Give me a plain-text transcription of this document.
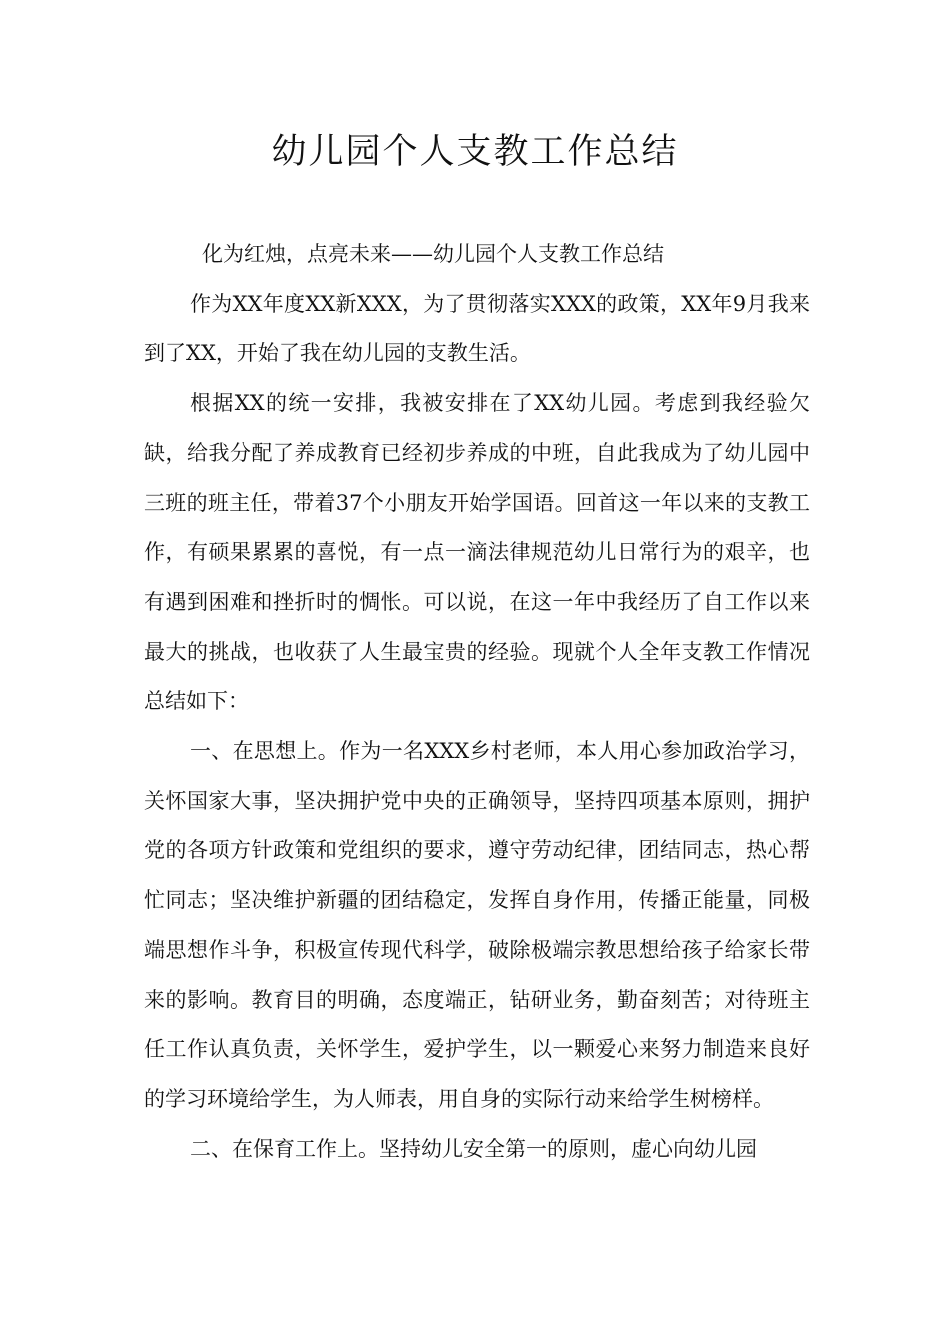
幼儿园个人支教工作总结

化为红烛，点亮未来——幼儿园个人支教工作总结

作为XX年度XX新XXX，为了贯彻落实XXX的政策，XX年9月我来到了XX，开始了我在幼儿园的支教生活。

根据XX的统一安排，我被安排在了XX幼儿园。考虑到我经验欠缺，给我分配了养成教育已经初步养成的中班，自此我成为了幼儿园中三班的班主任，带着37个小朋友开始学国语。回首这一年以来的支教工作，有硕果累累的喜悦，有一点一滴法律规范幼儿日常行为的艰辛，也有遇到困难和挫折时的惆怅。可以说，在这一年中我经历了自工作以来最大的挑战，也收获了人生最宝贵的经验。现就个人全年支教工作情况总结如下：

一、在思想上。作为一名XXX乡村老师，本人用心参加政治学习，关怀国家大事，坚决拥护党中央的正确领导，坚持四项基本原则，拥护党的各项方针政策和党组织的要求，遵守劳动纪律，团结同志，热心帮忙同志；坚决维护新疆的团结稳定，发挥自身作用，传播正能量，同极端思想作斗争，积极宣传现代科学，破除极端宗教思想给孩子给家长带来的影响。教育目的明确，态度端正，钻研业务，勤奋刻苦；对待班主任工作认真负责，关怀学生，爱护学生，以一颗爱心来努力制造来良好的学习环境给学生，为人师表，用自身的实际行动来给学生树榜样。

二、在保育工作上。坚持幼儿安全第一的原则，虚心向幼儿园
